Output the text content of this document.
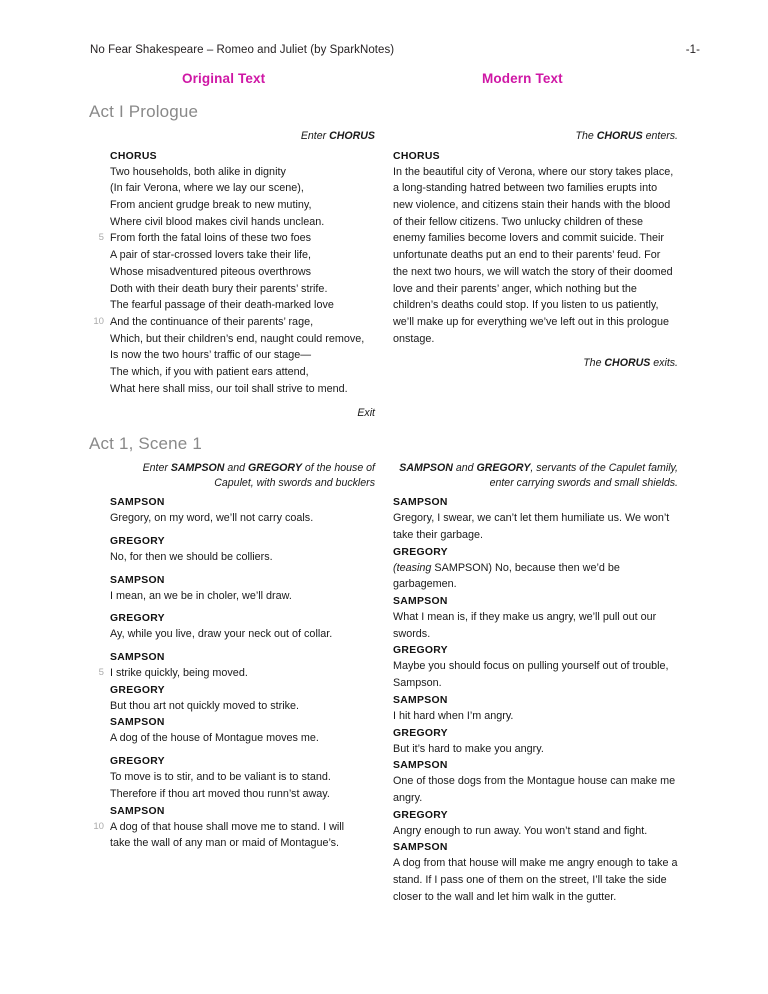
No Fear Shakespeare – Romeo and Juliet (by SparkNotes)	-1-
Original Text	Modern Text
Act I Prologue
Enter CHORUS
CHORUS
Two households, both alike in dignity
(In fair Verona, where we lay our scene),
From ancient grudge break to new mutiny,
Where civil blood makes civil hands unclean.
5 From forth the fatal loins of these two foes
A pair of star-crossed lovers take their life,
Whose misadventured piteous overthrows
Doth with their death bury their parents’ strife.
The fearful passage of their death-marked love
10 And the continuance of their parents’ rage,
Which, but their children’s end, naught could remove,
Is now the two hours’ traffic of our stage—
The which, if you with patient ears attend,
What here shall miss, our toil shall strive to mend.
Exit
The CHORUS enters.
CHORUS
In the beautiful city of Verona, where our story takes place, a long-standing hatred between two families erupts into new violence, and citizens stain their hands with the blood of their fellow citizens. Two unlucky children of these enemy families become lovers and commit suicide. Their unfortunate deaths put an end to their parents’ feud. For the next two hours, we will watch the story of their doomed love and their parents’ anger, which nothing but the children’s deaths could stop. If you listen to us patiently, we’ll make up for everything we’ve left out in this prologue onstage.
The CHORUS exits.
Act 1, Scene 1
Enter SAMPSON and GREGORY of the house of Capulet, with swords and bucklers
SAMPSON
Gregory, on my word, we’ll not carry coals.
GREGORY
No, for then we should be colliers.
SAMPSON
I mean, an we be in choler, we’ll draw.
GREGORY
Ay, while you live, draw your neck out of collar.
SAMPSON
5 I strike quickly, being moved.
GREGORY
But thou art not quickly moved to strike.
SAMPSON
A dog of the house of Montague moves me.
GREGORY
To move is to stir, and to be valiant is to stand.
Therefore if thou art moved thou runn’st away.
SAMPSON
10 A dog of that house shall move me to stand. I will
take the wall of any man or maid of Montague’s.
SAMPSON and GREGORY, servants of the Capulet family, enter carrying swords and small shields.
SAMPSON
Gregory, I swear, we can’t let them humiliate us. We won’t take their garbage.
GREGORY
(teasing SAMPSON) No, because then we’d be garbagemen.
SAMPSON
What I mean is, if they make us angry, we’ll pull out our swords.
GREGORY
Maybe you should focus on pulling yourself out of trouble, Sampson.
SAMPSON
I hit hard when I’m angry.
GREGORY
But it’s hard to make you angry.
SAMPSON
One of those dogs from the Montague house can make me angry.
GREGORY
Angry enough to run away. You won’t stand and fight.
SAMPSON
A dog from that house will make me angry enough to take a stand. If I pass one of them on the street, I’ll take the side closer to the wall and let him walk in the gutter.
